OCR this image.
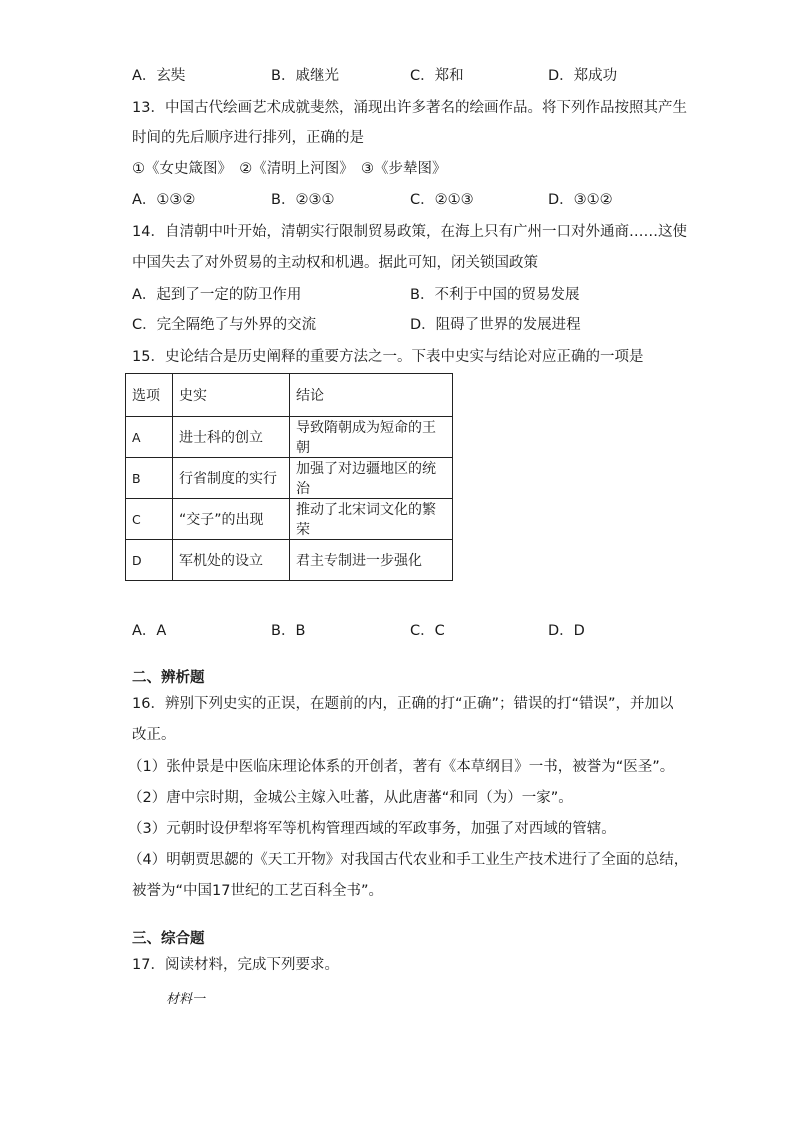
A．玄奘	B．戚继光	C．郑和	D．郑成功
13．中国古代绘画艺术成就斐然，涌现出许多著名的绘画作品。将下列作品按照其产生
时间的先后顺序进行排列，正确的是
①《女史箴图》　②《清明上河图》　③《步辇图》
A．①③②	B．②③①	C．②①③	D．③①②
14．自清朝中叶开始，清朝实行限制贸易政策，在海上只有广州一口对外通商……这使
中国失去了对外贸易的主动权和机遇。据此可知，闭关锁国政策
A．起到了一定的防卫作用	B．不利于中国的贸易发展
C．完全隔绝了与外界的交流	D．阻碍了世界的发展进程
15．史论结合是历史阐释的重要方法之一。下表中史实与结论对应正确的一项是
选项	史实	结论
A	进士科的创立	导致隋朝成为短命的王朝
B	行省制度的实行	加强了对边疆地区的统治
C	“交子”的出现	推动了北宋词文化的繁荣
D	军机处的设立	君主专制进一步强化
A．A	B．B	C．C	D．D
二、辨析题
16．辨别下列史实的正误，在题前的内，正确的打“正确”；错误的打“错误”，并加以
改正。
（1）张仲景是中医临床理论体系的开创者，著有《本草纲目》一书，被誉为“医圣”。
（2）唐中宗时期，金城公主嫁入吐蕃，从此唐蕃“和同（为）一家”。
（3）元朝时设伊犁将军等机构管理西域的军政事务，加强了对西域的管辖。
（4）明朝贾思勰的《天工开物》对我国古代农业和手工业生产技术进行了全面的总结，
被誉为“中国17世纪的工艺百科全书”。
三、综合题
17．阅读材料，完成下列要求。
材料一
